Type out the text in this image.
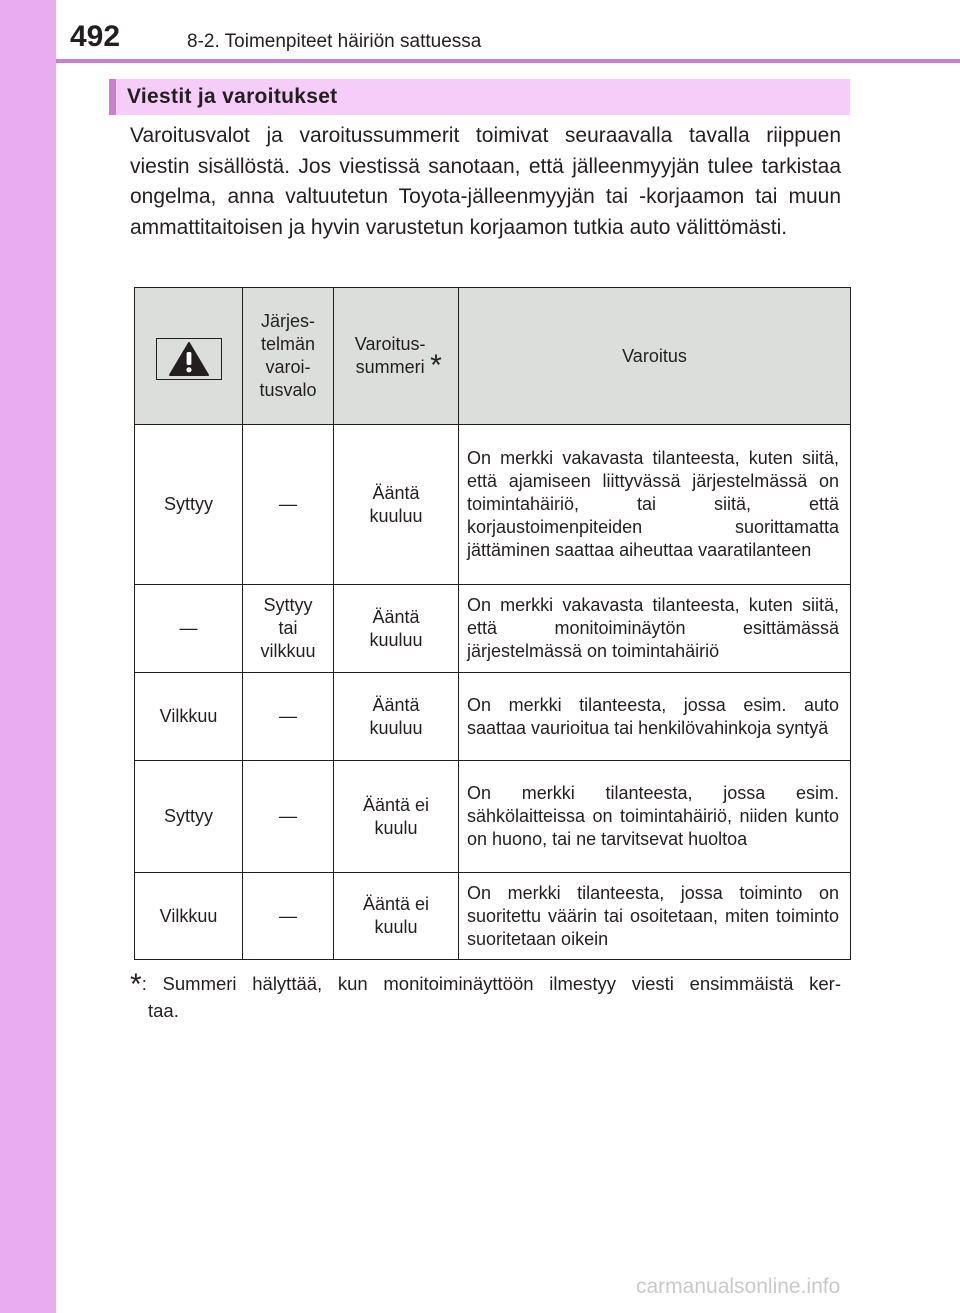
492	8-2. Toimenpiteet häiriön sattuessa
Viestit ja varoitukset
Varoitusvalot ja varoitussummerit toimivat seuraavalla tavalla riippuen viestin sisällöstä. Jos viestissä sanotaan, että jälleenmyyjän tulee tarkistaa ongelma, anna valtuutetun Toyota-jälleenmyyjän tai -korjaamon tai muun ammattitaitoisen ja hyvin varustetun korjaamon tutkia auto välittömästi.
	Järjes-telmän varoi-tusvalo	Varoitus-summeri *	Varoitus
Syttyy	—	Ääntä kuuluu	On merkki vakavasta tilanteesta, kuten siitä, että ajamiseen liittyvässä järjestelmässä on toimintahäiriö, tai siitä, että korjaustoimenpiteiden suorittamatta jättäminen saattaa aiheuttaa vaaratilanteen
—	Syttyy tai vilkkuu	Ääntä kuuluu	On merkki vakavasta tilanteesta, kuten siitä, että monitoiminäytön esittämässä järjestelmässä on toimintahäiriö
Vilkkuu	—	Ääntä kuuluu	On merkki tilanteesta, jossa esim. auto saattaa vaurioitua tai henkilövahinkoja syntyä
Syttyy	—	Ääntä ei kuulu	On merkki tilanteesta, jossa esim. sähkölaitteissa on toimintahäiriö, niiden kunto on huono, tai ne tarvitsevat huoltoa
Vilkkuu	—	Ääntä ei kuulu	On merkki tilanteesta, jossa toiminto on suoritettu väärin tai osoitetaan, miten toiminto suoritetaan oikein
*: Summeri hälyttää, kun monitoiminäyttöön ilmestyy viesti ensimmäistä ker-
taa.
carmanualsonline.info
